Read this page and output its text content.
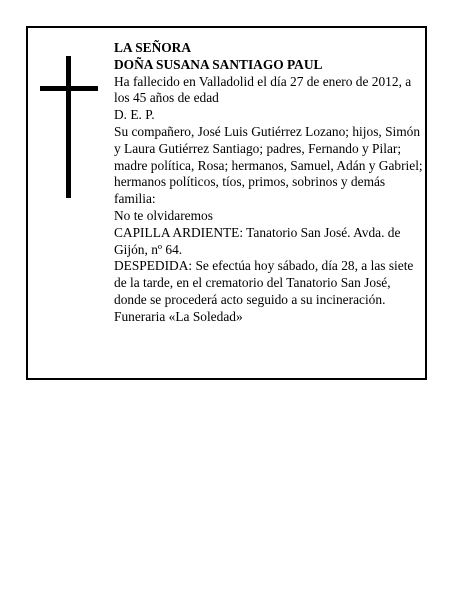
LA SEÑORA

DOÑA SUSANA SANTIAGO PAUL

Ha fallecido en Valladolid el día 27 de enero de 2012, a los 45 años de edad

D. E. P.

Su compañero, José Luis Gutiérrez Lozano; hijos, Simón y Laura Gutiérrez Santiago; padres, Fernando y Pilar; madre política, Rosa; hermanos, Samuel, Adán y Gabriel; hermanos políticos, tíos, primos, sobrinos y demás familia:

No te olvidaremos

CAPILLA ARDIENTE: Tanatorio San José. Avda. de Gijón, nº 64.

DESPEDIDA: Se efectúa hoy sábado, día 28, a las siete de la tarde, en el crematorio del Tanatorio San José, donde se procederá acto seguido a su incineración.

Funeraria «La Soledad»
